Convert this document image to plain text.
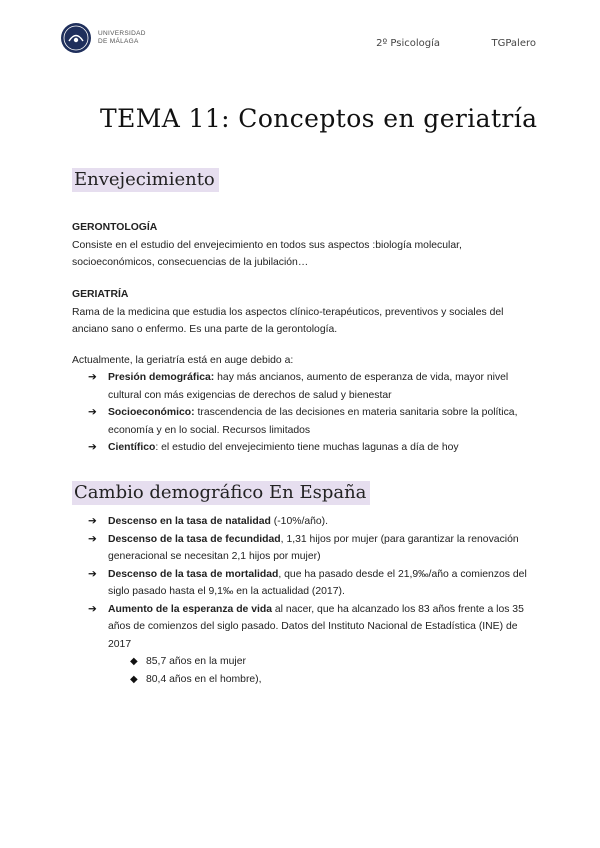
UNIVERSIDAD
DE MÁLAGA	2º Psicología	TGPalero
TEMA 11: Conceptos en geriatría
Envejecimiento

GERONTOLOGÍA

Consiste en el estudio del envejecimiento en todos sus aspectos :biología molecular, socioeconómicos, consecuencias de la jubilación…

GERIATRÍA

Rama de la medicina que estudia los aspectos clínico-terapéuticos, preventivos y sociales del anciano sano o enfermo. Es una parte de la gerontología.

Actualmente, la geriatría está en auge debido a:
➔ Presión demográfica: hay más ancianos, aumento de esperanza de vida, mayor nivel cultural con más exigencias de derechos de salud y bienestar
➔ Socioeconómico: trascendencia de las decisiones en materia sanitaria sobre la política, economía y en lo social. Recursos limitados
➔ Científico: el estudio del envejecimiento tiene muchas lagunas a día de hoy
Cambio demográfico En España
➔ Descenso en la tasa de natalidad (-10%/año).
➔ Descenso de la tasa de fecundidad, 1,31 hijos por mujer (para garantizar la renovación generacional se necesitan 2,1 hijos por mujer)
➔ Descenso de la tasa de mortalidad, que ha pasado desde el 21,9‰/año a comienzos del siglo pasado hasta el 9,1‰ en la actualidad (2017).
➔ Aumento de la esperanza de vida al nacer, que ha alcanzado los 83 años frente a los 35 años de comienzos del siglo pasado. Datos del Instituto Nacional de Estadística (INE) de 2017
◆ 85,7 años en la mujer
◆ 80,4 años en el hombre),
